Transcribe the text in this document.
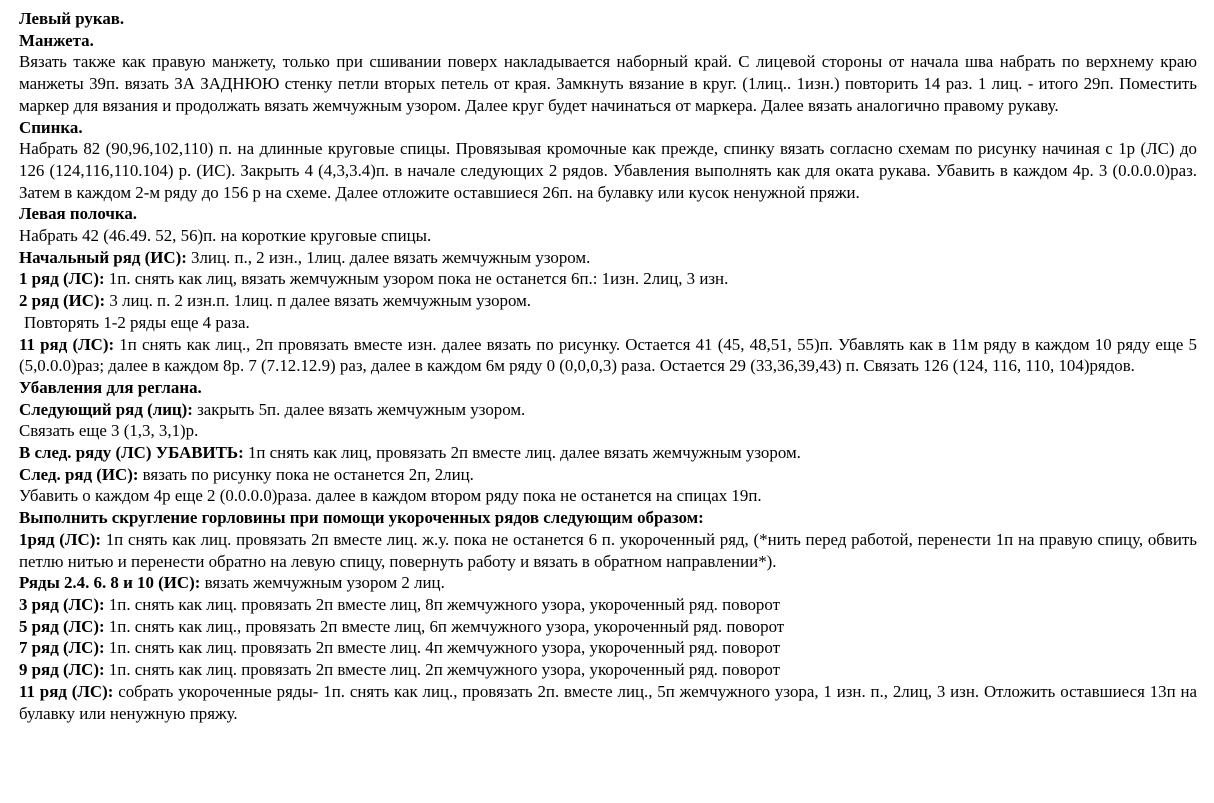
Левый рукав.
Манжета.
Вязать также как правую манжету, только при сшивании поверх накладывается наборный край. С лицевой стороны от начала шва набрать по верхнему краю манжеты 39п. вязать ЗА ЗАДНЮЮ стенку петли вторых петель от края. Замкнуть вязание в круг. (1лиц.. 1изн.) повторить 14 раз. 1 лиц. - итого 29п. Поместить маркер для вязания и продолжать вязать жемчужным узором. Далее круг будет начинаться от маркера. Далее вязать аналогично правому рукаву.
Спинка.
Набрать 82 (90,96,102,110) п. на длинные круговые спицы. Провязывая кромочные как прежде, спинку вязать согласно схемам по рисунку начиная с 1р (ЛС) до 126 (124,116,110.104) р. (ИС). Закрыть 4 (4,3,3.4)п. в начале следующих 2 рядов. Убавления выполнять как для оката рукава. Убавить в каждом 4р. 3 (0.0.0.0)раз. Затем в каждом 2-м ряду до 156 р на схеме. Далее отложите оставшиеся 26п. на булавку или кусок ненужной пряжи.
Левая полочка.
Набрать 42 (46.49. 52, 56)п. на короткие круговые спицы.
Начальный ряд (ИС): 3лиц. п., 2 изн., 1лиц. далее вязать жемчужным узором.
1 ряд (ЛС): 1п. снять как лиц, вязать жемчужным узором пока не останется 6п.: 1изн. 2лиц, 3 изн.
2 ряд (ИС): 3 лиц. п. 2 изн.п. 1лиц. п далее вязать жемчужным узором.
Повторять 1-2 ряды еще 4 раза.
11 ряд (ЛС): 1п снять как лиц., 2п провязать вместе изн. далее вязать по рисунку. Остается 41 (45, 48,51, 55)п. Убавлять как в 11м ряду в каждом 10 ряду еще 5 (5,0.0.0)раз; далее в каждом 8р. 7 (7.12.12.9) раз, далее в каждом 6м ряду 0 (0,0,0,3) раза. Остается 29 (33,36,39,43) п. Связать 126 (124, 116, 110, 104)рядов.
Убавления для реглана.
Следующий ряд (лиц): закрыть 5п. далее вязать жемчужным узором.
Связать еще 3 (1,3, 3,1)р.
В след. ряду (ЛС) УБАВИТЬ: 1п снять как лиц, провязать 2п вместе лиц. далее вязать жемчужным узором.
След. ряд (ИС): вязать по рисунку пока не останется 2п, 2лиц.
Убавить о каждом 4р еще 2 (0.0.0.0)раза. далее в каждом втором ряду пока не останется на спицах 19п.
Выполнить скругление горловины при помощи укороченных рядов следующим образом:
1ряд (ЛС): 1п снять как лиц. провязать 2п вместе лиц. ж.у. пока не останется 6 п. укороченный ряд, (*нить перед работой, перенести 1п на правую спицу, обвить петлю нитью и перенести обратно на левую спицу, повернуть работу и вязать в обратном направлении*).
Ряды 2.4. 6. 8 и 10 (ИС): вязать жемчужным узором 2 лиц.
3 ряд (ЛС): 1п. снять как лиц. провязать 2п вместе лиц, 8п жемчужного узора, укороченный ряд. поворот
5 ряд (ЛС): 1п. снять как лиц., провязать 2п вместе лиц, 6п жемчужного узора, укороченный ряд. поворот
7 ряд (ЛС): 1п. снять как лиц. провязать 2п вместе лиц. 4п жемчужного узора, укороченный ряд. поворот
9 ряд (ЛС): 1п. снять как лиц. провязать 2п вместе лиц. 2п жемчужного узора, укороченный ряд. поворот
11 ряд (ЛС): собрать укороченные ряды- 1п. снять как лиц., провязать 2п. вместе лиц., 5п жемчужного узора, 1 изн. п., 2лиц, 3 изн. Отложить оставшиеся 13п на булавку или ненужную пряжу.
